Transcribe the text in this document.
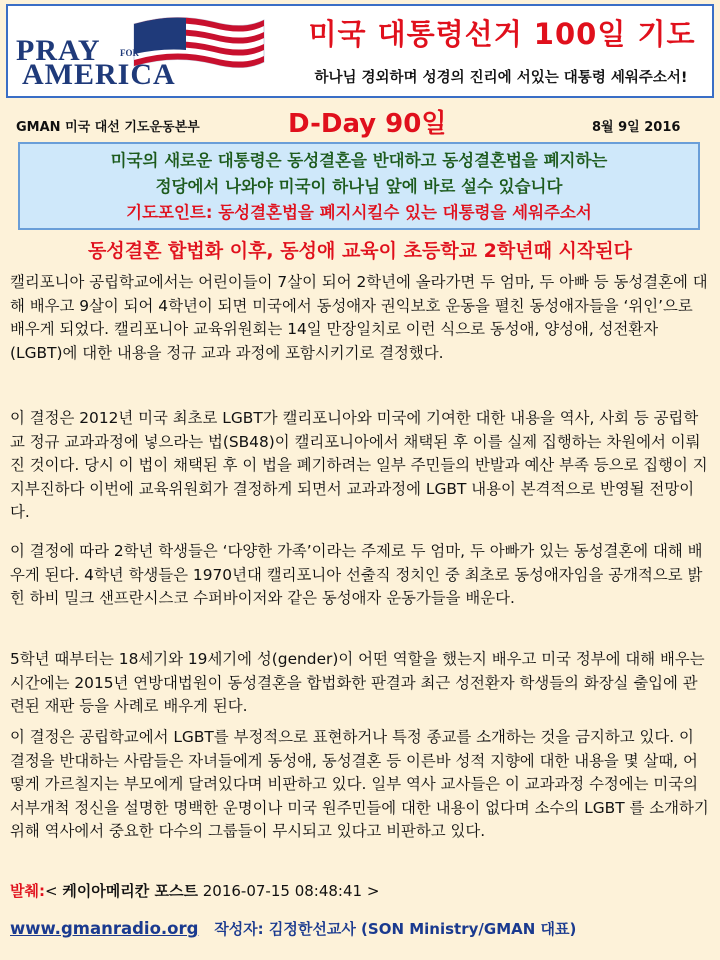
PRAY FOR
AMERICA
미국 대통령선거 100일 기도
하나님 경외하며 성경의 진리에 서있는 대통령 세워주소서!
GMAN 미국 대선 기도운동본부	D-Day 90일	8월 9일 2016
미국의 새로운 대통령은 동성결혼을 반대하고 동성결혼법을 폐지하는
정당에서 나와야 미국이 하나님 앞에 바로 설수 있습니다
기도포인트: 동성결혼법을 폐지시킬수 있는 대통령을 세워주소서
동성결혼 합법화 이후, 동성애 교육이 초등학교 2학년때 시작된다
캘리포니아 공립학교에서는 어린이들이 7살이 되어 2학년에 올라가면 두 엄마, 두 아빠 등 동성결혼에 대해 배우고 9살이 되어 4학년이 되면 미국에서 동성애자 권익보호 운동을 펼친 동성애자들을 ‘위인’으로 배우게 되었다. 캘리포니아 교육위원회는 14일 만장일치로 이런 식으로 동성애, 양성애, 성전환자(LGBT)에 대한 내용을 정규 교과 과정에 포함시키기로 결정했다.
이 결정은 2012년 미국 최초로 LGBT가 캘리포니아와 미국에 기여한 대한 내용을 역사, 사회 등 공립학교 정규 교과과정에 넣으라는 법(SB48)이 캘리포니아에서 채택된 후 이를 실제 집행하는 차원에서 이뤄진 것이다. 당시 이 법이 채택된 후 이 법을 폐기하려는 일부 주민들의 반발과 예산 부족 등으로 집행이 지지부진하다 이번에 교육위원회가 결정하게 되면서 교과과정에 LGBT 내용이 본격적으로 반영될 전망이다.
이 결정에 따라 2학년 학생들은 ‘다양한 가족’이라는 주제로 두 엄마, 두 아빠가 있는 동성결혼에 대해 배우게 된다. 4학년 학생들은 1970년대 캘리포니아 선출직 정치인 중 최초로 동성애자임을 공개적으로 밝힌 하비 밀크 샌프란시스코 수퍼바이저와 같은 동성애자 운동가들을 배운다.
5학년 때부터는 18세기와 19세기에 성(gender)이 어떤 역할을 했는지 배우고 미국 정부에 대해 배우는 시간에는 2015년 연방대법원이 동성결혼을 합법화한 판결과 최근 성전환자 학생들의 화장실 출입에 관련된 재판 등을 사례로 배우게 된다.
이 결정은 공립학교에서 LGBT를 부정적으로 표현하거나 특정 종교를 소개하는 것을 금지하고 있다. 이 결정을 반대하는 사람들은 자녀들에게 동성애, 동성결혼 등 이른바 성적 지향에 대한 내용을 몇 살때, 어떻게 가르칠지는 부모에게 달려있다며 비판하고 있다. 일부 역사 교사들은 이 교과과정 수정에는 미국의 서부개척 정신을 설명한 명백한 운명이나 미국 원주민들에 대한 내용이 없다며 소수의 LGBT 를 소개하기 위해 역사에서 중요한 다수의 그룹들이 무시되고 있다고 비판하고 있다.
발췌:< 케이아메리칸 포스트 2016-07-15 08:48:41 >
www.gmanradio.org 작성자: 김정한선교사 (SON Ministry/GMAN 대표)
